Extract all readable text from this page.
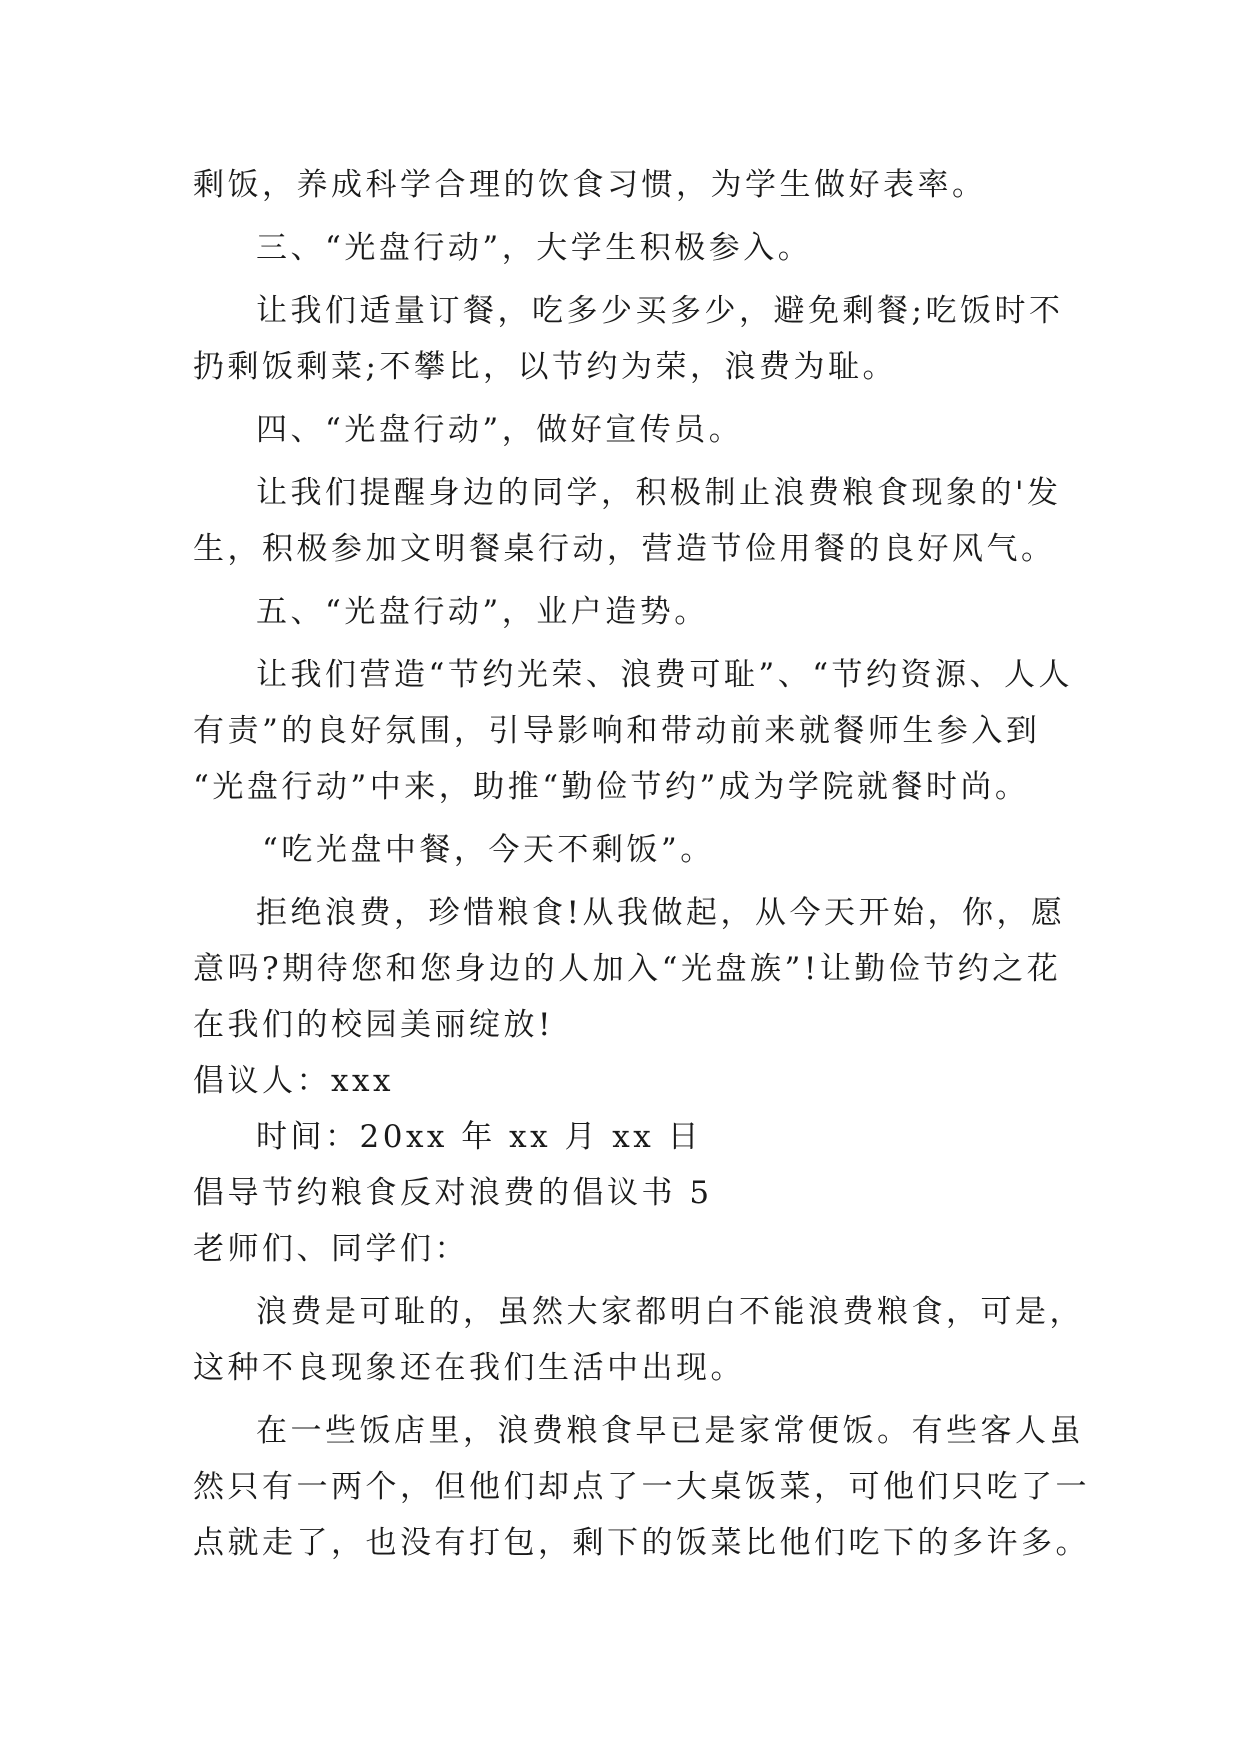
剩饭，养成科学合理的饮食习惯，为学生做好表率。

三、“光盘行动”，大学生积极参入。

让我们适量订餐，吃多少买多少，避免剩餐;吃饭时不

扔剩饭剩菜;不攀比，以节约为荣，浪费为耻。

四、“光盘行动”，做好宣传员。

让我们提醒身边的同学，积极制止浪费粮食现象的'发

生，积极参加文明餐桌行动，营造节俭用餐的良好风气。

五、“光盘行动”，业户造势。

让我们营造“节约光荣、浪费可耻”、“节约资源、人人

有责”的良好氛围，引导影响和带动前来就餐师生参入到

“光盘行动”中来，助推“勤俭节约”成为学院就餐时尚。

“吃光盘中餐，今天不剩饭”。

拒绝浪费，珍惜粮食!从我做起，从今天开始，你，愿

意吗?期待您和您身边的人加入“光盘族”!让勤俭节约之花

在我们的校园美丽绽放!

倡议人：xxx

时间：20xx 年 xx 月 xx 日

倡导节约粮食反对浪费的倡议书 5

老师们、同学们：

浪费是可耻的，虽然大家都明白不能浪费粮食，可是，

这种不良现象还在我们生活中出现。

在一些饭店里，浪费粮食早已是家常便饭。有些客人虽

然只有一两个，但他们却点了一大桌饭菜，可他们只吃了一

点就走了，也没有打包，剩下的饭菜比他们吃下的多许多。
